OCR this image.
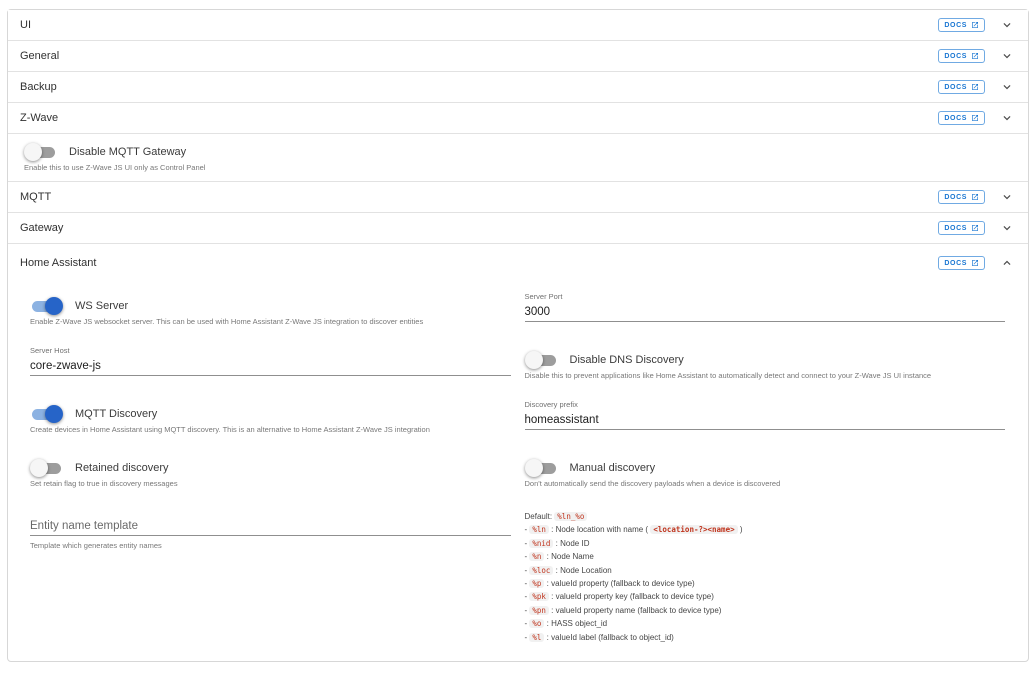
UI	DOCS
General	DOCS
Backup	DOCS
Z-Wave	DOCS
Disable MQTT Gateway
Enable this to use Z-Wave JS UI only as Control Panel
MQTT	DOCS
Gateway	DOCS
Home Assistant	DOCS
WS Server
Enable Z-Wave JS websocket server. This can be used with Home Assistant Z-Wave JS integration to discover entities
Server Port
3000
Server Host
core-zwave-js
Disable DNS Discovery
Disable this to prevent applications like Home Assistant to automatically detect and connect to your Z-Wave JS UI instance
MQTT Discovery
Create devices in Home Assistant using MQTT discovery. This is an alternative to Home Assistant Z-Wave JS integration
Discovery prefix
homeassistant
Retained discovery
Set retain flag to true in discovery messages
Manual discovery
Don't automatically send the discovery payloads when a device is discovered
Entity name template
Template which generates entity names
Default: %ln_%o
- %ln : Node location with name ( <location-?><name> )
- %nid : Node ID
- %n : Node Name
- %loc : Node Location
- %p : valueId property (fallback to device type)
- %pk : valueId property key (fallback to device type)
- %pn : valueId property name (fallback to device type)
- %o : HASS object_id
- %l : valueId label (fallback to object_id)
